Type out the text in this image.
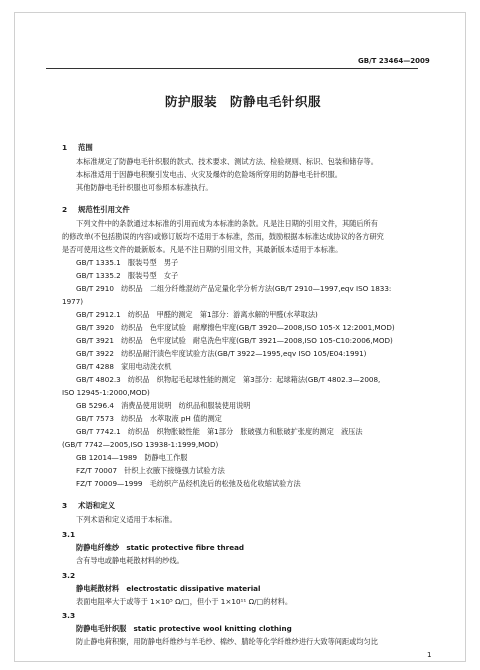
GB/T 23464—2009
防护服装　防静电毛针织服
1 范围
本标准规定了防静电毛针织服的款式、技术要求、测试方法、检验规则、标识、包装和储存等。
本标准适用于因静电积聚引发电击、火灾及爆炸的危险场所穿用的防静电毛针织服。
其他防静电毛针织服也可参照本标准执行。
2 规范性引用文件
下列文件中的条款通过本标准的引用而成为本标准的条款。凡是注日期的引用文件，其随后所有
的修改单(不包括勘误的内容)或修订版均不适用于本标准，然而，鼓励根据本标准达成协议的各方研究
是否可使用这些文件的最新版本。凡是不注日期的引用文件，其最新版本适用于本标准。
GB/T 1335.1　服装号型　男子
GB/T 1335.2　服装号型　女子
GB/T 2910　纺织品　二组分纤维混纺产品定量化学分析方法(GB/T 2910—1997,eqv ISO 1833:
1977)
GB/T 2912.1　纺织品　甲醛的测定　第1部分：游离水解的甲醛(水萃取法)
GB/T 3920　纺织品　色牢度试验　耐摩擦色牢度(GB/T 3920—2008,ISO 105-X 12:2001,MOD)
GB/T 3921　纺织品　色牢度试验　耐皂洗色牢度(GB/T 3921—2008,ISO 105-C10:2006,MOD)
GB/T 3922　纺织品耐汗渍色牢度试验方法(GB/T 3922—1995,eqv ISO 105/E04:1991)
GB/T 4288　家用电动洗衣机
GB/T 4802.3　纺织品　织物起毛起球性能的测定　第3部分：起球箱法(GB/T 4802.3—2008,
ISO 12945-1:2000,MOD)
GB 5296.4　消费品使用说明　纺织品和服装使用说明
GB/T 7573　纺织品　水萃取液 pH 值的测定
GB/T 7742.1　纺织品　织物胀破性能　第1部分　胀破强力和胀破扩张度的测定　液压法
(GB/T 7742—2005,ISO 13938-1:1999,MOD)
GB 12014—1989　防静电工作服
FZ/T 70007　针织上衣腋下接缝强力试验方法
FZ/T 70009—1999　毛纺织产品经机洗后的松弛及毡化收缩试验方法
3 术语和定义
下列术语和定义适用于本标准。
3.1
防静电纤维纱　static protective fibre thread
含有导电或静电耗散材料的纱线。
3.2
静电耗散材料　electrostatic dissipative material
表面电阻率大于或等于 1×10⁵ Ω/□，但小于 1×10¹¹ Ω/□的材料。
3.3
防静电毛针织服　static protective wool knitting clothing
防止静电荷积聚，用防静电纤维纱与羊毛纱、棉纱、腈纶等化学纤维纱进行大致等间距或均匀比
1
